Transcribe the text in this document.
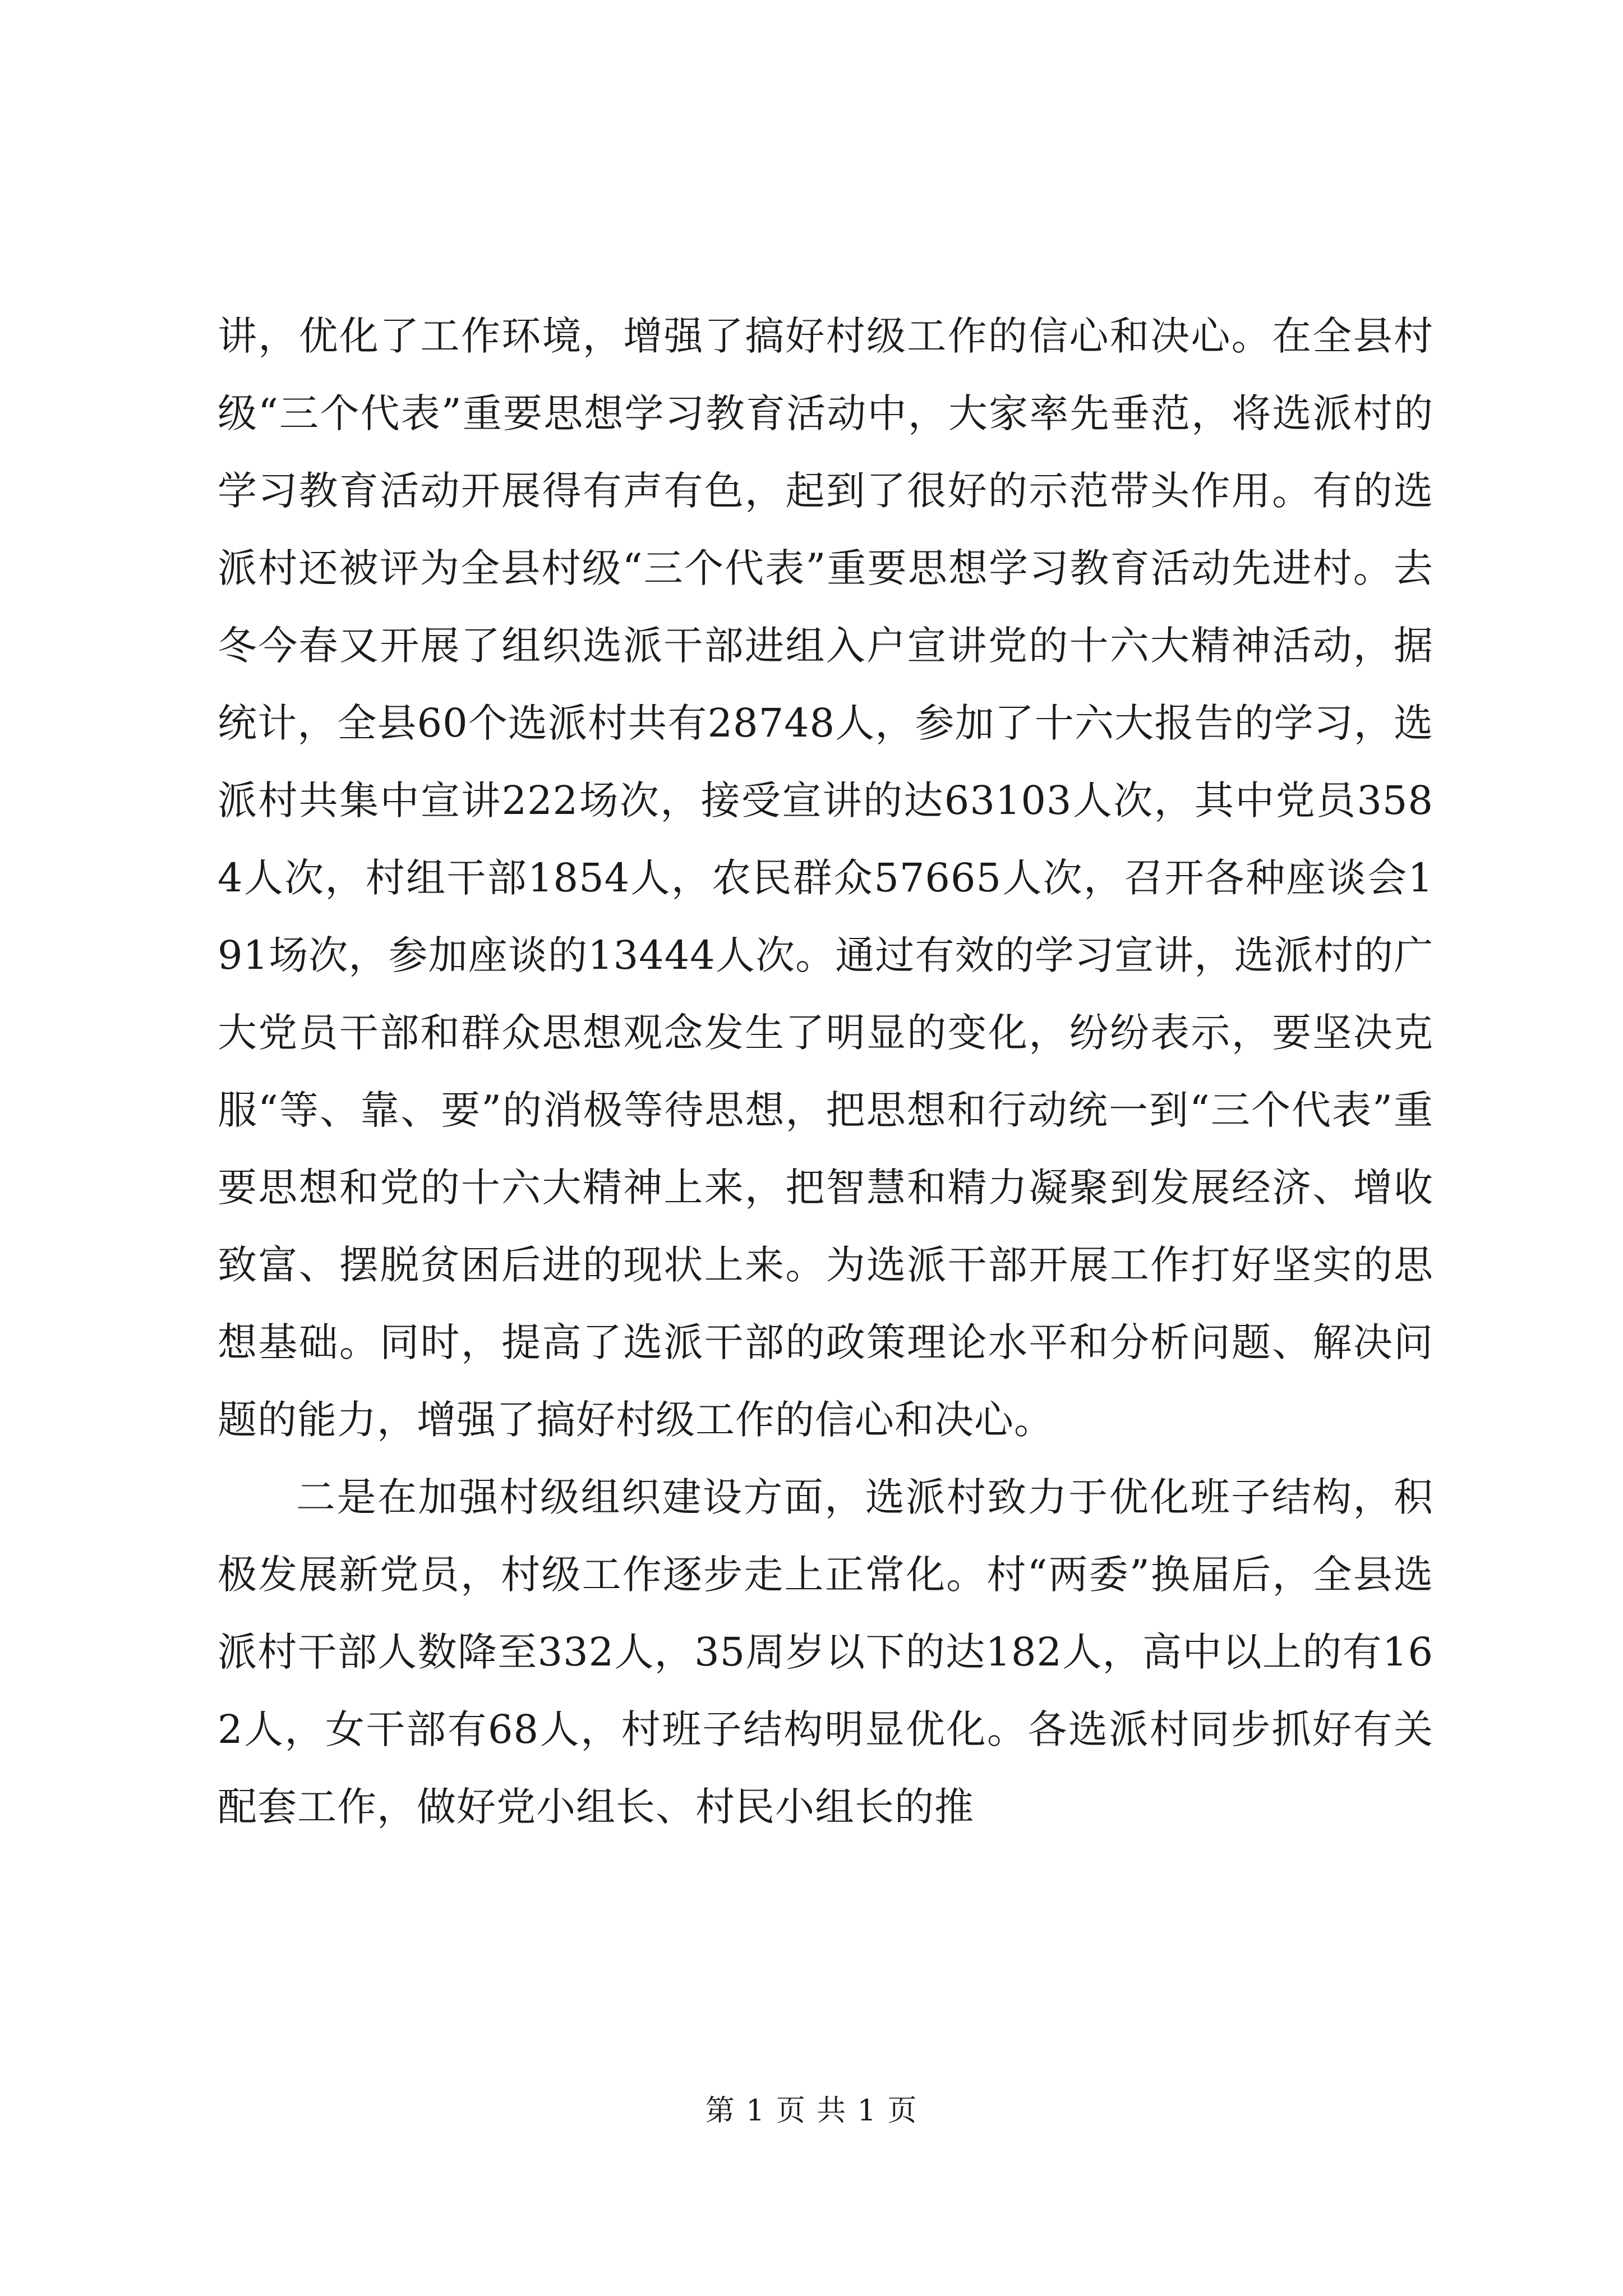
讲，优化了工作环境，增强了搞好村级工作的信心和决心。在全县村级“三个代表”重要思想学习教育活动中，大家率先垂范，将选派村的学习教育活动开展得有声有色，起到了很好的示范带头作用。有的选派村还被评为全县村级“三个代表”重要思想学习教育活动先进村。去冬今春又开展了组织选派干部进组入户宣讲党的十六大精神活动，据统计，全县60个选派村共有28748人，参加了十六大报告的学习，选派村共集中宣讲222场次，接受宣讲的达63103人次，其中党员3584人次，村组干部1854人，农民群众57665人次，召开各种座谈会191场次，参加座谈的13444人次。通过有效的学习宣讲，选派村的广大党员干部和群众思想观念发生了明显的变化，纷纷表示，要坚决克服“等、靠、要”的消极等待思想，把思想和行动统一到“三个代表”重要思想和党的十六大精神上来，把智慧和精力凝聚到发展经济、增收致富、摆脱贫困后进的现状上来。为选派干部开展工作打好坚实的思想基础。同时，提高了选派干部的政策理论水平和分析问题、解决问题的能力，增强了搞好村级工作的信心和决心。

二是在加强村级组织建设方面，选派村致力于优化班子结构，积极发展新党员，村级工作逐步走上正常化。村“两委”换届后，全县选派村干部人数降至332人，35周岁以下的达182人，高中以上的有162人，女干部有68人，村班子结构明显优化。各选派村同步抓好有关配套工作，做好党小组长、村民小组长的推

第 1 页 共 1 页
